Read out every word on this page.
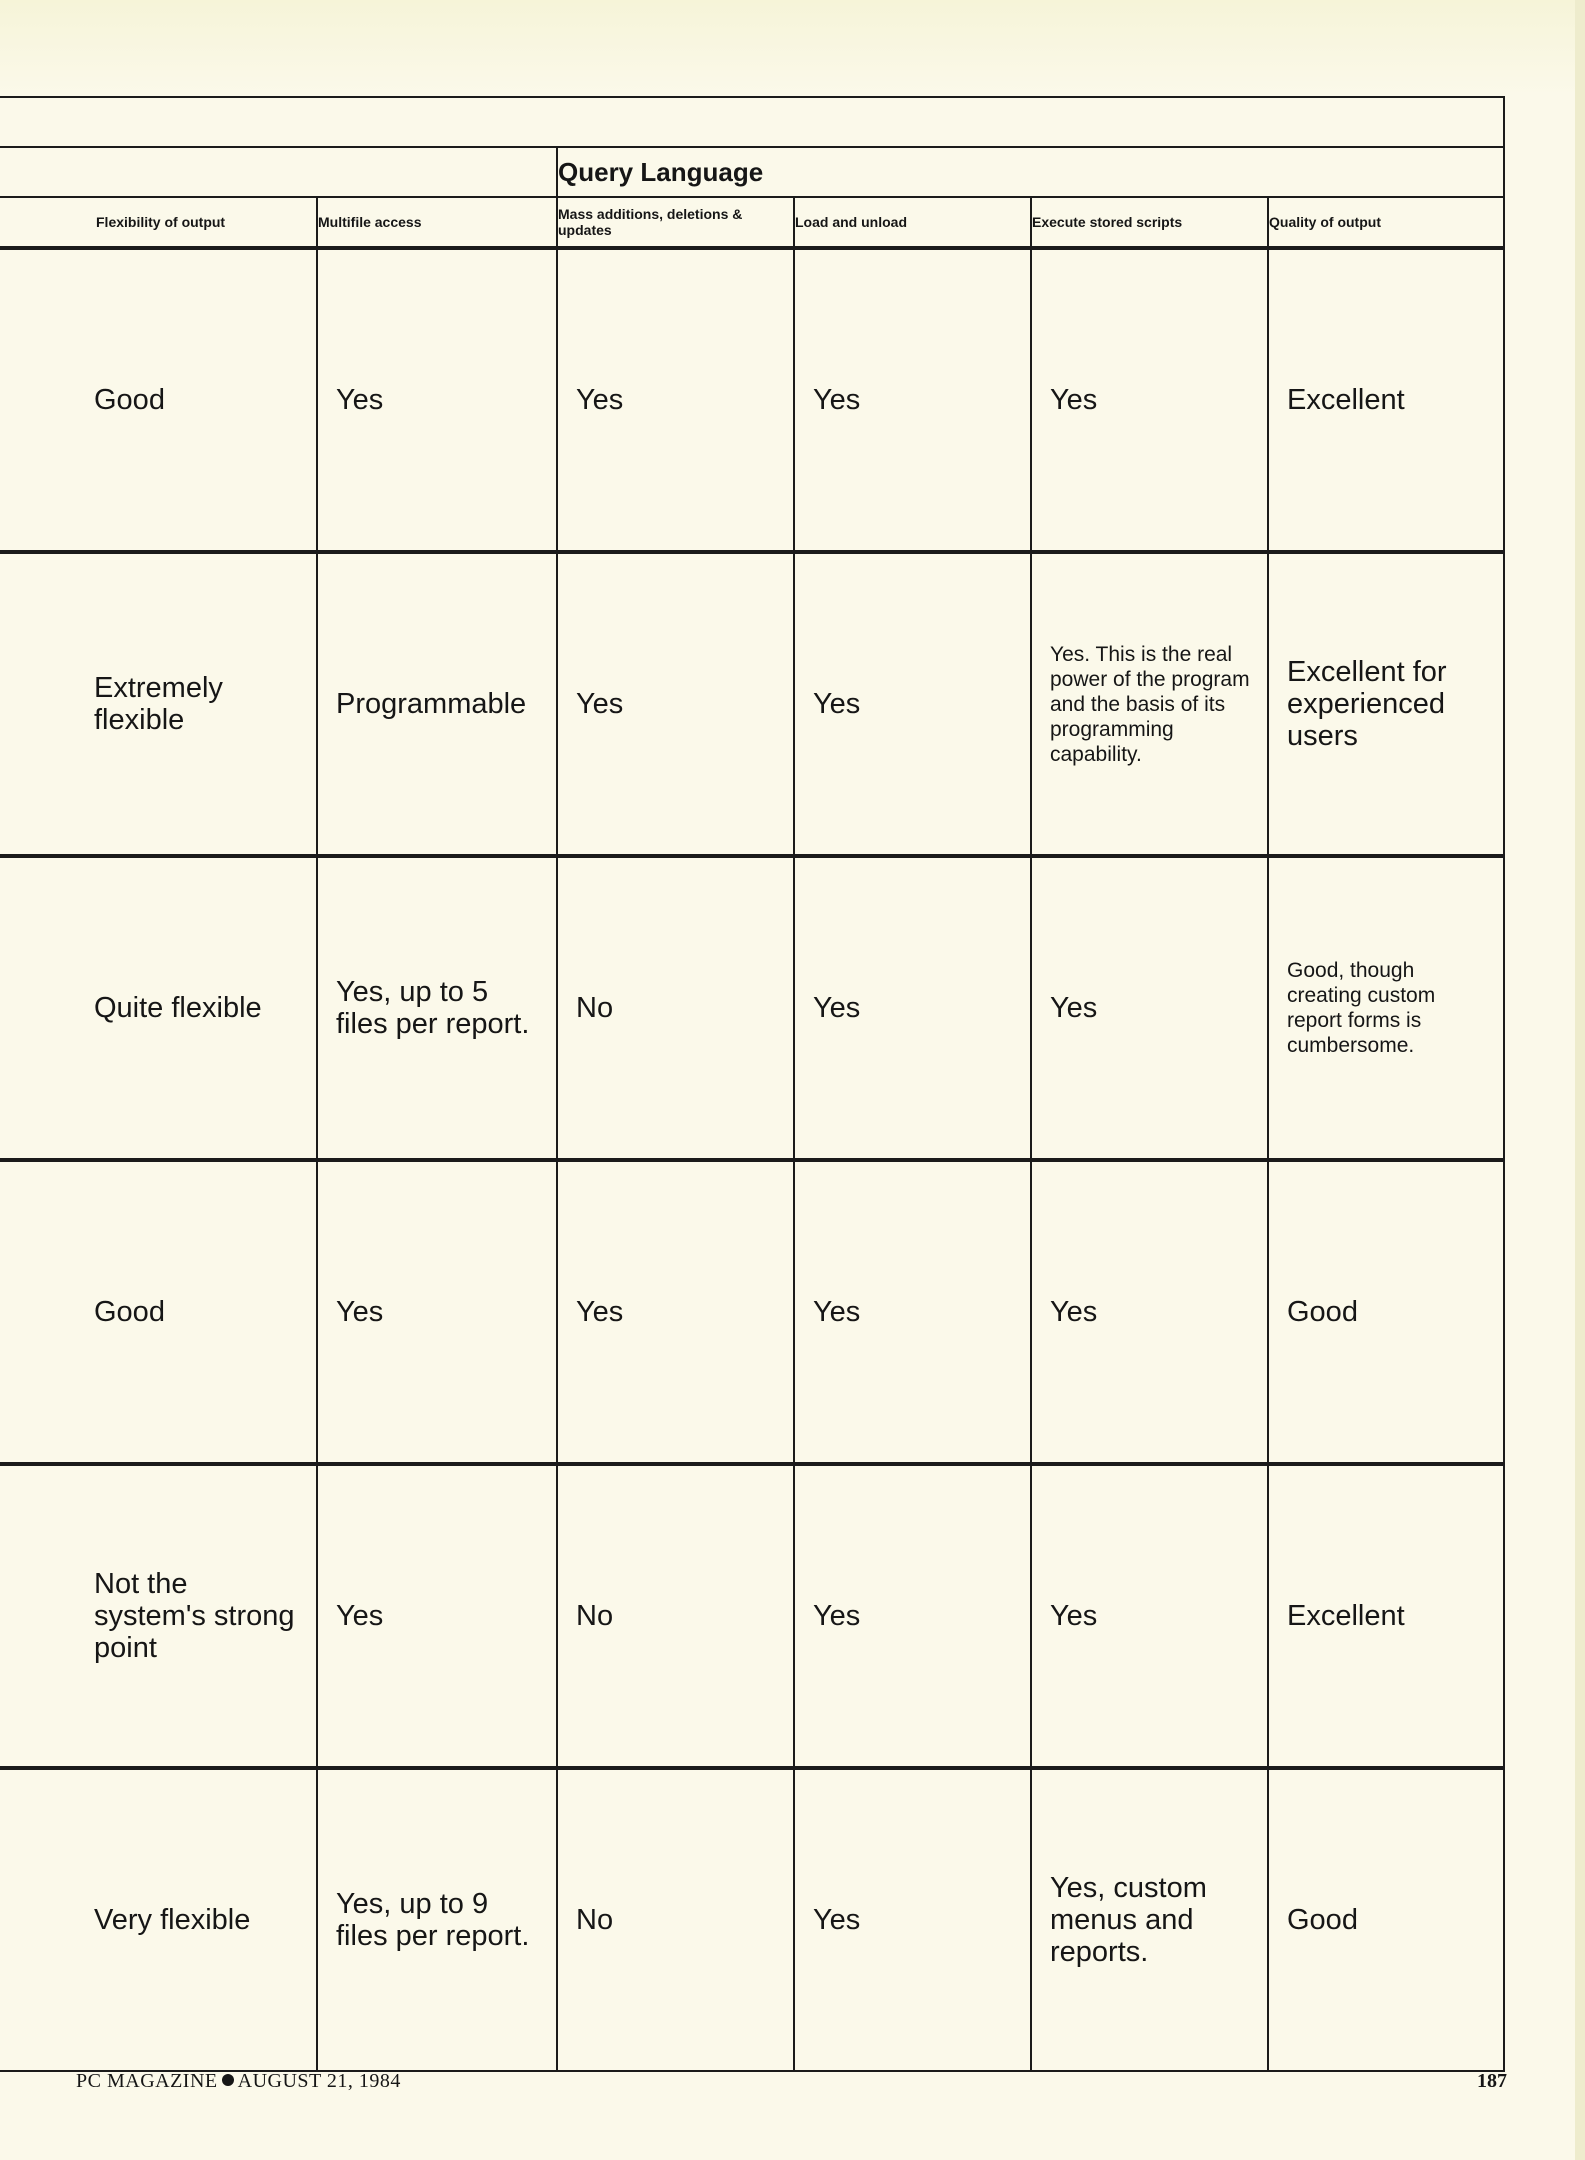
		Query Language			
Flexibility of output	Multifile access	Mass additions, deletions & updates	Load and unload	Execute stored scripts	Quality of output
Good	Yes	Yes	Yes	Yes	Excellent
Extremely flexible	Programmable	Yes	Yes	Yes. This is the real power of the program and the basis of its programming capability.	Excellent for experienced users
Quite flexible	Yes, up to 5 files per report.	No	Yes	Yes	Good, though creating custom report forms is cumbersome.
Good	Yes	Yes	Yes	Yes	Good
Not the system's strong point	Yes	No	Yes	Yes	Excellent
Very flexible	Yes, up to 9 files per report.	No	Yes	Yes, custom menus and reports.	Good
PC MAGAZINE AUGUST 21, 1984	187
